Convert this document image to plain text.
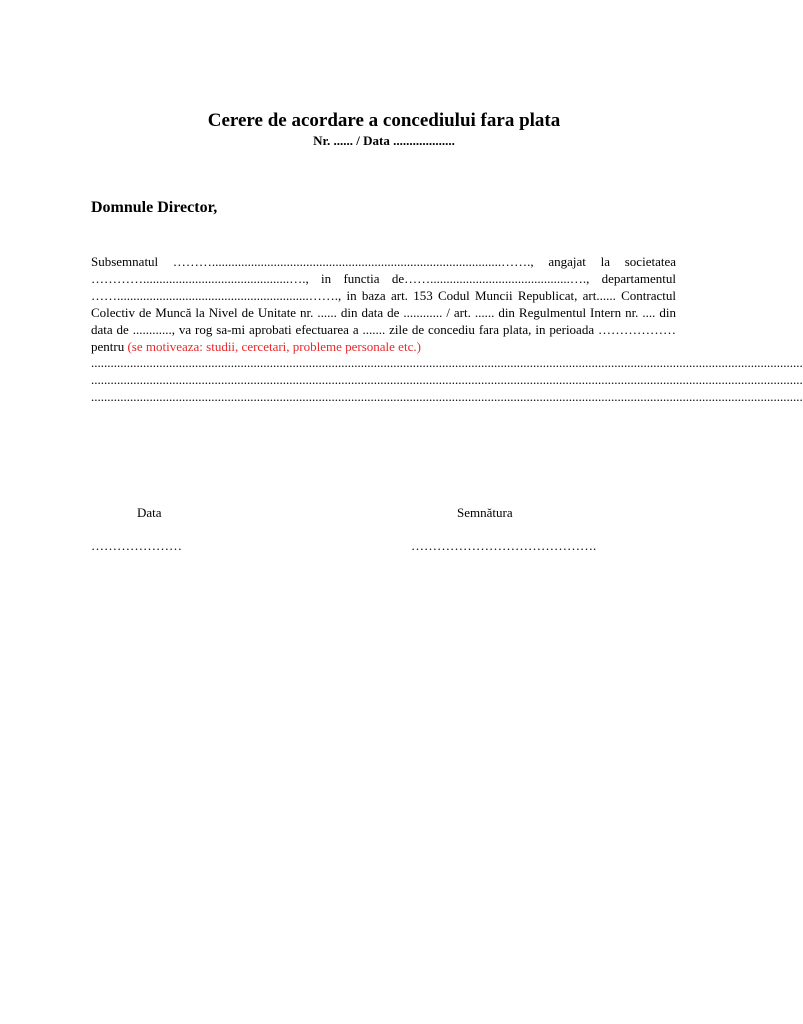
Cerere de acordare a concediului fara plata
Nr. ...... / Data ...................
Domnule Director,
Subsemnatul ……….........................................................................................……., angajat la societatea ………….............................................…., in functia de……...........................................…., departamentul ……...........................................................……., in baza art. 153 Codul Muncii Republicat, art...... Contractul Colectiv de Muncă la Nivel de Unitate nr. ...... din data de ............ / art. ...... din Regulmentul Intern nr. .... din data de ............, va rog sa-mi aprobati efectuarea a ....... zile de concediu fara plata, in perioada ……………… pentru (se motiveaza: studii, cercetari, probleme personale etc.)
...........................................................................................................................................................................................................................
...........................................................................................................................................................................................................................
...........................................................................................................................................................................................................................
Data	Semnătura
…………………	…………………………………….
